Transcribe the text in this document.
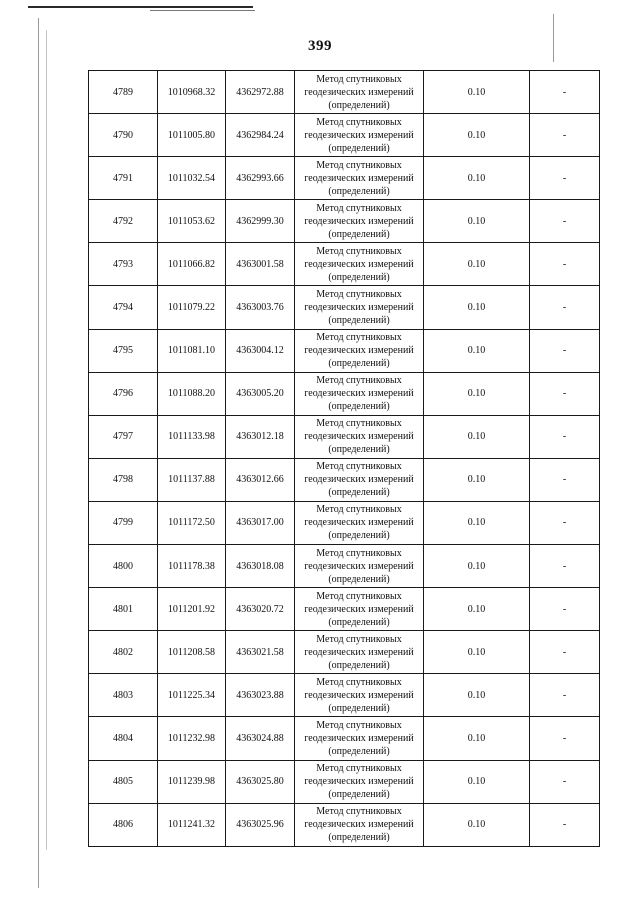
399
4789	1010968.32	4362972.88	Метод спутниковых
геодезических измерений
(определений)	0.10	-
4790	1011005.80	4362984.24	Метод спутниковых
геодезических измерений
(определений)	0.10	-
4791	1011032.54	4362993.66	Метод спутниковых
геодезических измерений
(определений)	0.10	-
4792	1011053.62	4362999.30	Метод спутниковых
геодезических измерений
(определений)	0.10	-
4793	1011066.82	4363001.58	Метод спутниковых
геодезических измерений
(определений)	0.10	-
4794	1011079.22	4363003.76	Метод спутниковых
геодезических измерений
(определений)	0.10	-
4795	1011081.10	4363004.12	Метод спутниковых
геодезических измерений
(определений)	0.10	-
4796	1011088.20	4363005.20	Метод спутниковых
геодезических измерений
(определений)	0.10	-
4797	1011133.98	4363012.18	Метод спутниковых
геодезических измерений
(определений)	0.10	-
4798	1011137.88	4363012.66	Метод спутниковых
геодезических измерений
(определений)	0.10	-
4799	1011172.50	4363017.00	Метод спутниковых
геодезических измерений
(определений)	0.10	-
4800	1011178.38	4363018.08	Метод спутниковых
геодезических измерений
(определений)	0.10	-
4801	1011201.92	4363020.72	Метод спутниковых
геодезических измерений
(определений)	0.10	-
4802	1011208.58	4363021.58	Метод спутниковых
геодезических измерений
(определений)	0.10	-
4803	1011225.34	4363023.88	Метод спутниковых
геодезических измерений
(определений)	0.10	-
4804	1011232.98	4363024.88	Метод спутниковых
геодезических измерений
(определений)	0.10	-
4805	1011239.98	4363025.80	Метод спутниковых
геодезических измерений
(определений)	0.10	-
4806	1011241.32	4363025.96	Метод спутниковых
геодезических измерений
(определений)	0.10	-
